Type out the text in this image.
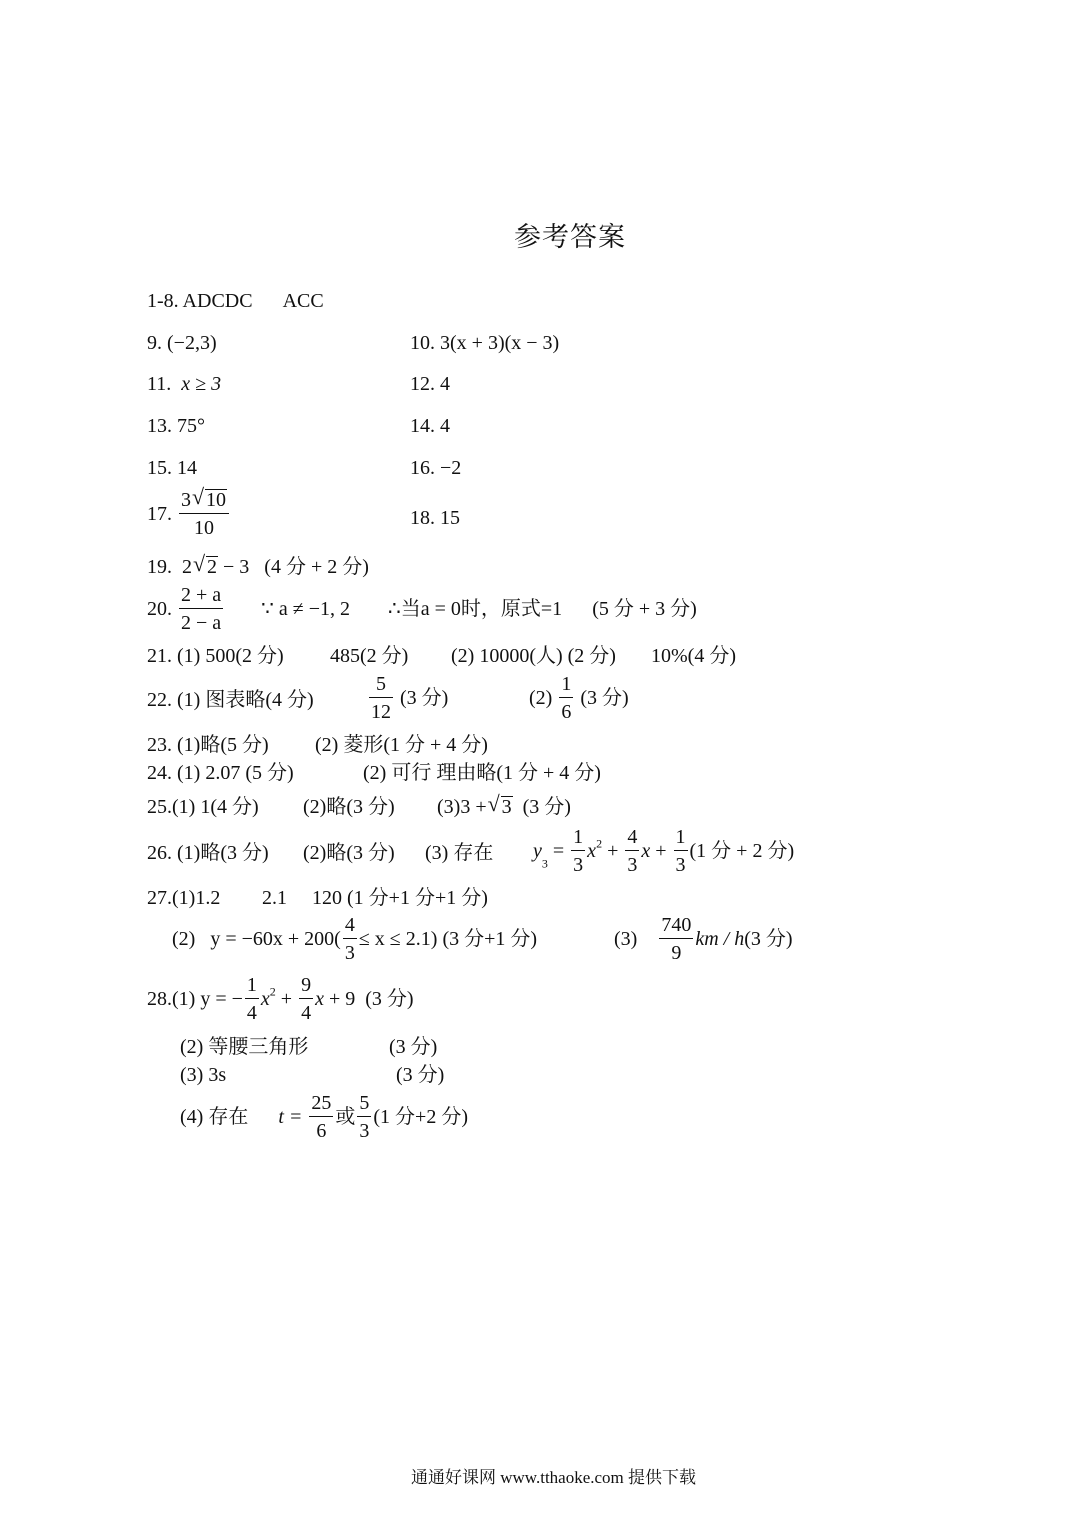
参考答案
1-8. ADCDC ACC
9. (−2,3)	10. 3(x + 3)(x − 3)
11. x ≥ 3	12. 4
13. 75°	14. 4
15. 14	16. −2
17. $\frac{3 √ 10}{10}$	18. 15
19. 2 √ 2 − 3 (4 分 + 2 分)
20. $\frac{2 + a}{2 - a}$ ∵ a ≠ −1, 2 ∴当a = 0时，原式=1 (5 分 + 3 分)
21. (1) 500(2 分) 485(2 分) (2) 10000(人) (2 分) 10%(4 分)
22. (1) 图表略(4 分)	$\frac{5}{12} (3$ 分)	$(2) \frac{1}{6} (3$ 分)
23. (1)略(5 分) (2) 菱形(1 分 + 4 分)
24. (1) 2.07 (5 分)	(2) 可行 理由略(1 分 + 4 分)
25.(1) 1(4 分) (2)略(3 分) (3)3 + √ 3 (3 分)
26. (1)略(3 分) (2)略(3 分) (3) 存在 $y_3 = \frac{1}{3} x^2 + \frac{4}{3}$ $x + \frac{1}{3} (1$ 分 + 2 分)
27.(1)1.2 2.1 120 (1 分+1 分+1 分)
(2) $y = -60x + 200( \frac{4}{3} \le x \le 2.1)$ (3 分+1 分)	$(3) \frac{740}{9}$ km / h(3 分)
28.(1) y = − $\frac{1}{4} x^2 + \frac{9}{4}$ x + 9  (3 分)
(2) 等腰三角形	(3 分)
(3) 3s	(3 分)
(4) 存在 $t = \frac{25}{6}$ 或 $\frac{5}{3} (1$ 分+2 分)
通通好课网 www.tthaoke.com 提供下载
